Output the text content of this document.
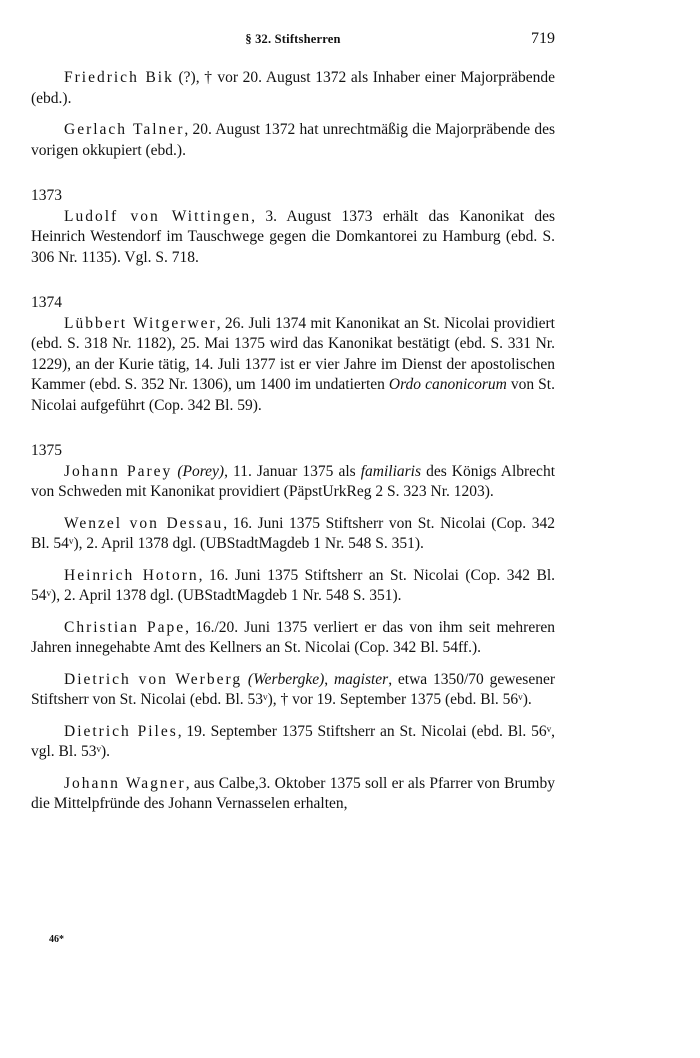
§ 32. Stiftsherren	719

Friedrich Bik (?), † vor 20. August 1372 als Inhaber einer Majorpräbende (ebd.).

Gerlach Talner, 20. August 1372 hat unrechtmäßig die Majorpräbende des vorigen okkupiert (ebd.).

1373

Ludolf von Wittingen, 3. August 1373 erhält das Kanonikat des Heinrich Westendorf im Tauschwege gegen die Domkantorei zu Hamburg (ebd. S. 306 Nr. 1135). Vgl. S. 718.

1374

Lübbert Witgerwer, 26. Juli 1374 mit Kanonikat an St. Nicolai providiert (ebd. S. 318 Nr. 1182), 25. Mai 1375 wird das Kanonikat bestätigt (ebd. S. 331 Nr. 1229), an der Kurie tätig, 14. Juli 1377 ist er vier Jahre im Dienst der apostolischen Kammer (ebd. S. 352 Nr. 1306), um 1400 im undatierten Ordo canonicorum von St. Nicolai aufgeführt (Cop. 342 Bl. 59).

1375

Johann Parey (Porey), 11. Januar 1375 als familiaris des Königs Albrecht von Schweden mit Kanonikat providiert (PäpstUrkReg 2 S. 323 Nr. 1203).

Wenzel von Dessau, 16. Juni 1375 Stiftsherr von St. Nicolai (Cop. 342 Bl. 54ᵛ), 2. April 1378 dgl. (UBStadtMagdeb 1 Nr. 548 S. 351).

Heinrich Hotorn, 16. Juni 1375 Stiftsherr an St. Nicolai (Cop. 342 Bl. 54ᵛ), 2. April 1378 dgl. (UBStadtMagdeb 1 Nr. 548 S. 351).

Christian Pape, 16./20. Juni 1375 verliert er das von ihm seit mehreren Jahren innegehabte Amt des Kellners an St. Nicolai (Cop. 342 Bl. 54ff.).

Dietrich von Werberg (Werbergke), magister, etwa 1350/70 gewesener Stiftsherr von St. Nicolai (ebd. Bl. 53ᵛ), † vor 19. September 1375 (ebd. Bl. 56ᵛ).

Dietrich Piles, 19. September 1375 Stiftsherr an St. Nicolai (ebd. Bl. 56ᵛ, vgl. Bl. 53ᵛ).

Johann Wagner, aus Calbe,3. Oktober 1375 soll er als Pfarrer von Brumby die Mittelpfründe des Johann Vernasselen erhalten,

46*
